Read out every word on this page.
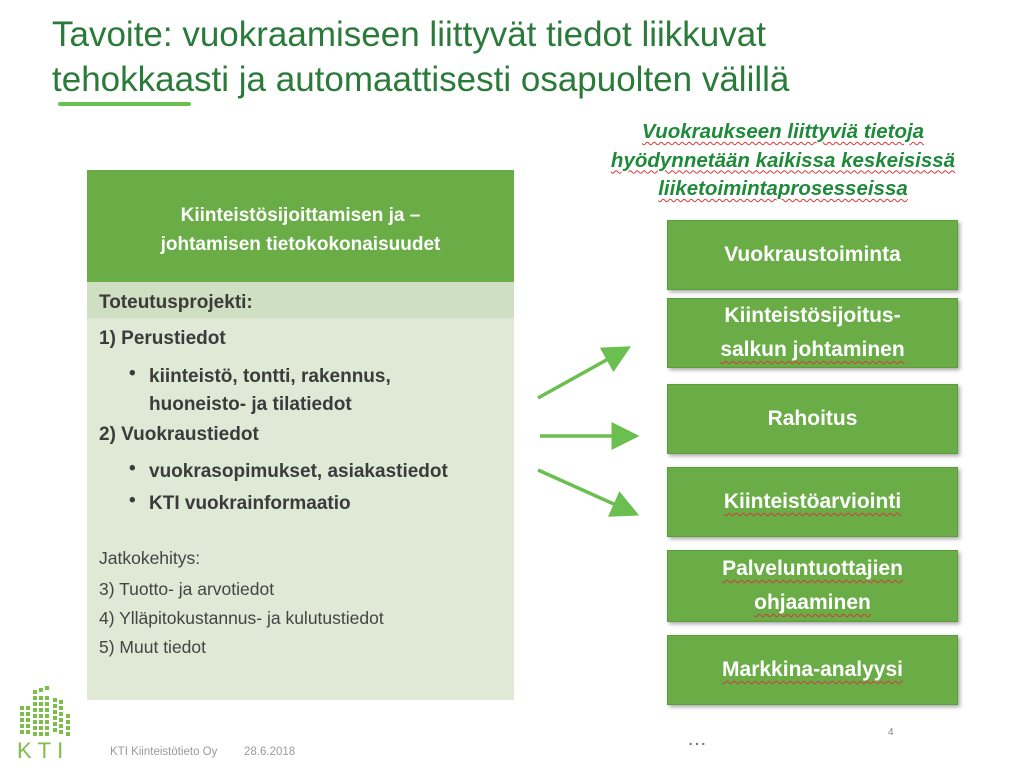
Tavoite: vuokraamiseen liittyvät tiedot liikkuvat
tehokkaasti ja automaattisesti osapuolten välillä
Vuokraukseen liittyviä tietoja
hyödynnetään kaikissa keskeisissä
liiketoimintaprosesseissa
Kiinteistösijoittamisen ja –
johtamisen tietokokonaisuudet
Toteutusprojekti:
1) Perustiedot
• kiinteistö, tontti, rakennus,
huoneisto- ja tilatiedot
2) Vuokraustiedot
• vuokrasopimukset, asiakastiedot
• KTI vuokrainformaatio
Jatkokehitys:
3) Tuotto- ja arvotiedot
4) Ylläpitokustannus- ja kulutustiedot
5) Muut tiedot
Vuokraustoiminta
Kiinteistösijoitus-
salkun johtaminen
Rahoitus
Kiinteistöarviointi
Palveluntuottajien
ohjaaminen
Markkina-analyysi
…	4
KTI	KTI Kiinteistötieto Oy 28.6.2018
